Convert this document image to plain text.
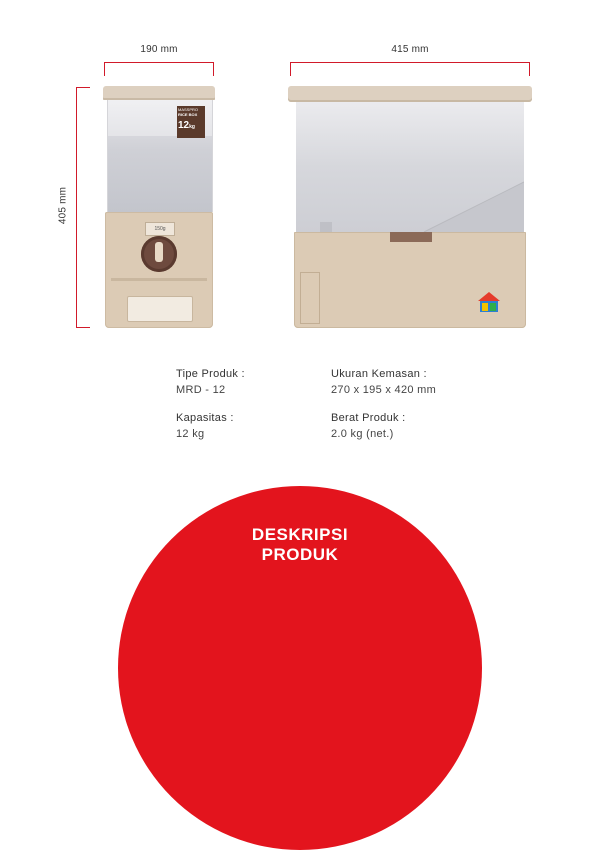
190 mm	415 mm
405 mm
MASSPRO
RICE BOX
12kg
150g
Tipe Produk :
MRD - 12
Kapasitas :
12 kg
Ukuran Kemasan :
270 x 195 x 420 mm
Berat Produk :
2.0 kg (net.)
DESKRIPSI
PRODUK
